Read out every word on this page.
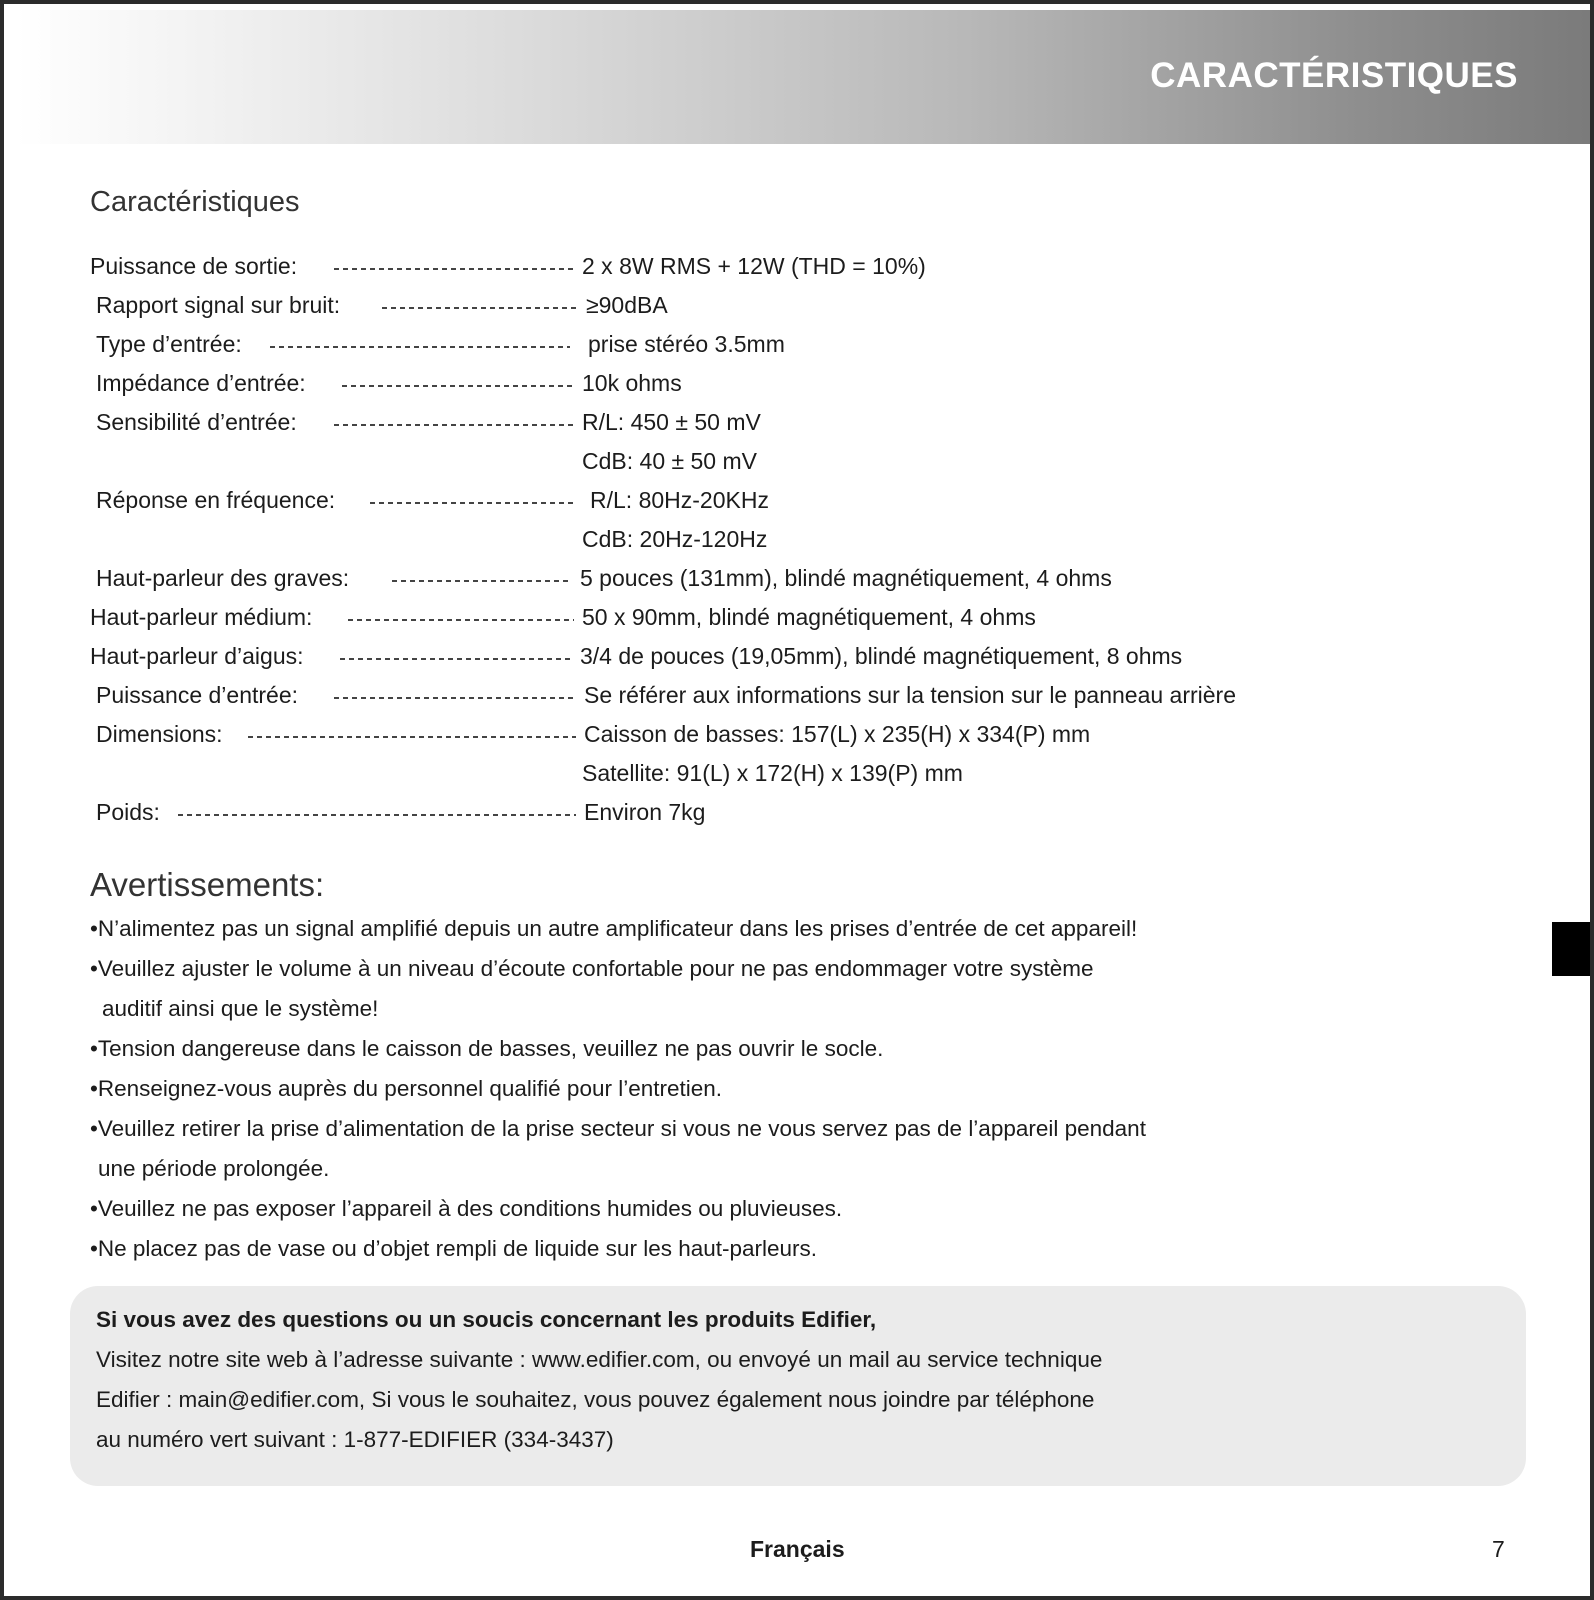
CARACTÉRISTIQUES
Caractéristiques
Puissance de sortie:	2 x 8W RMS + 12W (THD = 10%)
Rapport signal sur bruit:	≥90dBA
Type d’entrée:	prise stéréo 3.5mm
Impédance d’entrée:	10k ohms
Sensibilité d’entrée:	R/L: 450 ± 50 mV
CdB: 40 ± 50 mV
Réponse en fréquence:	R/L: 80Hz-20KHz
CdB: 20Hz-120Hz
Haut-parleur des graves:	5 pouces (131mm), blindé magnétiquement, 4 ohms
Haut-parleur médium:	50 x 90mm, blindé magnétiquement, 4 ohms
Haut-parleur d’aigus:	3/4 de pouces (19,05mm), blindé magnétiquement, 8 ohms
Puissance d’entrée:	Se référer aux informations sur la tension sur le panneau arrière
Dimensions:	Caisson de basses: 157(L) x 235(H) x 334(P) mm
Satellite: 91(L) x 172(H) x 139(P) mm
Poids:	Environ 7kg
Avertissements:
•N’alimentez pas un signal amplifié depuis un autre amplificateur dans les prises d’entrée de cet appareil!
•Veuillez ajuster le volume à un niveau d’écoute confortable pour ne pas endommager votre système
auditif ainsi que le système!
•Tension dangereuse dans le caisson de basses, veuillez ne pas ouvrir le socle.
•Renseignez-vous auprès du personnel qualifié pour l’entretien.
•Veuillez retirer la prise d’alimentation de la prise secteur si vous ne vous servez pas de l’appareil pendant
une période prolongée.
•Veuillez ne pas exposer l’appareil à des conditions humides ou pluvieuses.
•Ne placez pas de vase ou d’objet rempli de liquide sur les haut-parleurs.
Si vous avez des questions ou un soucis concernant les produits Edifier,
Visitez notre site web à l’adresse suivante : www.edifier.com, ou envoyé un mail au service technique
Edifier : main@edifier.com, Si vous le souhaitez, vous pouvez également nous joindre par téléphone
au numéro vert suivant : 1-877-EDIFIER (334-3437)
Français	7
